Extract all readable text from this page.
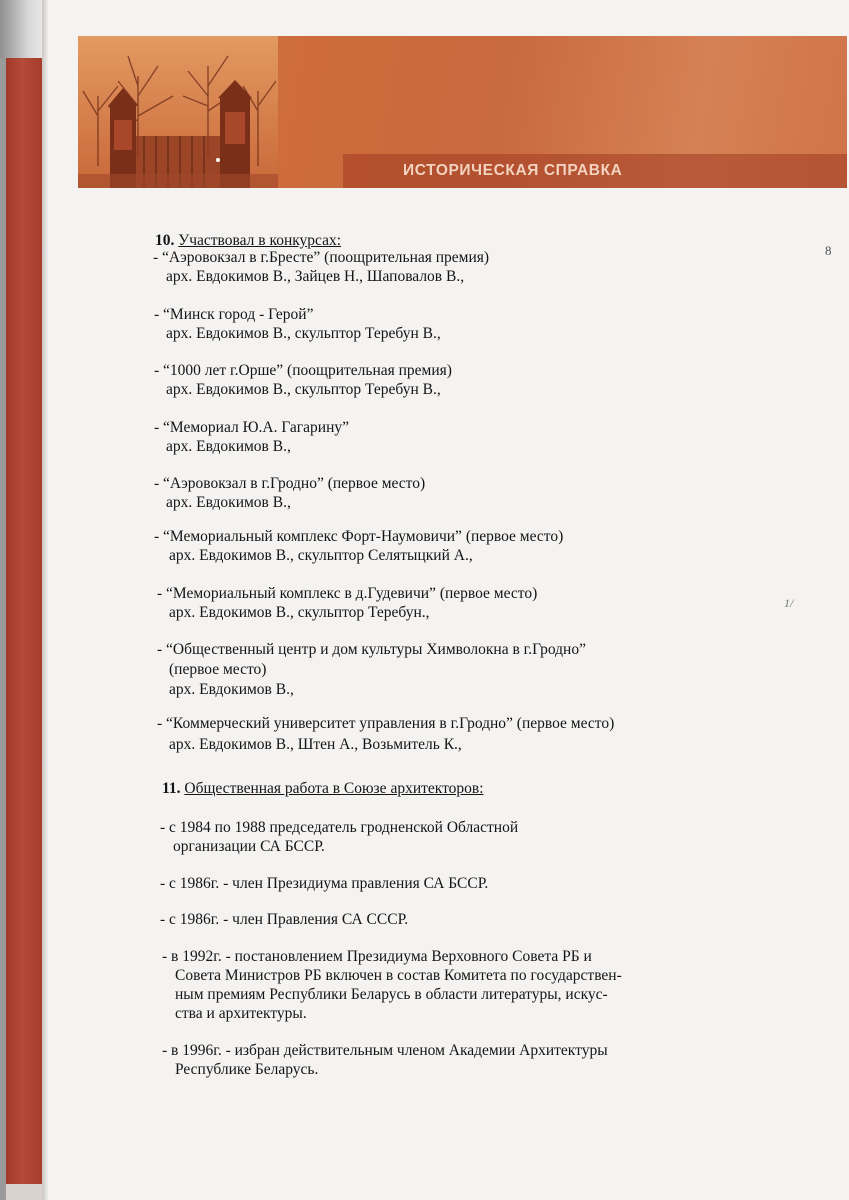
ИСТОРИЧЕСКАЯ СПРАВКА
8
1/
10. Участвовал в конкурсах:
- “Аэровокзал в г.Бресте” (поощрительная премия)
арх. Евдокимов В., Зайцев Н., Шаповалов В.,
- “Минск город - Герой”
арх. Евдокимов В., скульптор Теребун В.,
- “1000 лет г.Орше” (поощрительная премия)
арх. Евдокимов В., скульптор Теребун В.,
- “Мемориал Ю.А. Гагарину”
арх. Евдокимов В.,
- “Аэровокзал в г.Гродно” (первое место)
арх. Евдокимов В.,
- “Мемориальный комплекс Форт-Наумовичи” (первое место)
арх. Евдокимов В., скульптор Селятыцкий А.,
- “Мемориальный комплекс в д.Гудевичи” (первое место)
арх. Евдокимов В., скульптор Теребун.,
- “Общественный центр и дом культуры Химволокна в г.Гродно”
(первое место)
арх. Евдокимов В.,
- “Коммерческий университет управления в г.Гродно” (первое место)
арх. Евдокимов В., Штен А., Возьмитель К.,
11. Общественная работа в Союзе архитекторов:
- с 1984 по 1988 председатель гродненской Областной
организации СА БССР.
- с 1986г. - член Президиума правления СА БССР.
- с 1986г. - член Правления СА СССР.
- в 1992г. - постановлением Президиума Верховного Совета РБ и
Совета Министров РБ включен в состав Комитета по государствен-
ным премиям Республики Беларусь в области литературы, искус-
ства и архитектуры.
- в 1996г. - избран действительным членом Академии Архитектуры
Республике Беларусь.
